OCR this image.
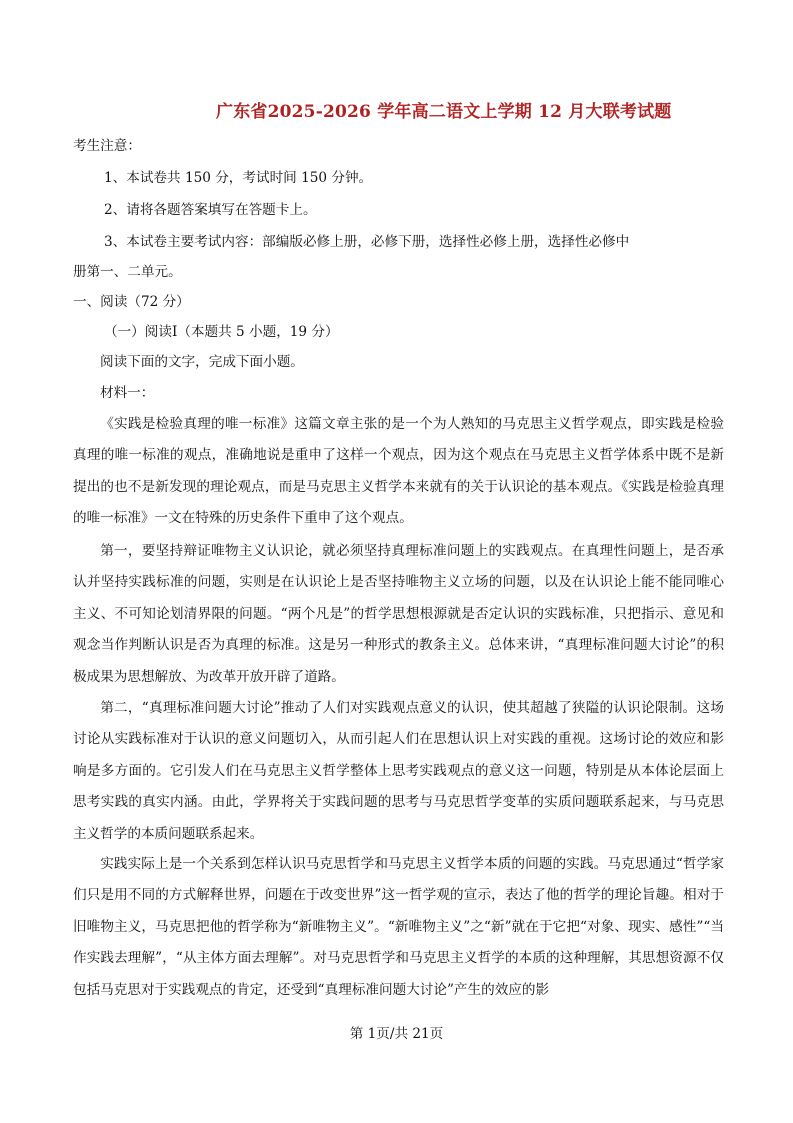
广东省2025-2026 学年高二语文上学期 12 月大联考试题
考生注意：
1、本试卷共 150 分，考试时间 150 分钟。
2、请将各题答案填写在答题卡上。
3、本试卷主要考试内容：部编版必修上册，必修下册，选择性必修上册，选择性必修中
册第一、二单元。
一、阅读（72 分）
（一）阅读Ⅰ（本题共 5 小题，19 分）
阅读下面的文字，完成下面小题。
材料一：
《实践是检验真理的唯一标准》这篇文章主张的是一个为人熟知的马克思主义哲学观点，即实践是检验真理的唯一标准的观点，准确地说是重申了这样一个观点，因为这个观点在马克思主义哲学体系中既不是新提出的也不是新发现的理论观点，而是马克思主义哲学本来就有的关于认识论的基本观点。《实践是检验真理的唯一标准》一文在特殊的历史条件下重申了这个观点。
第一，要坚持辩证唯物主义认识论，就必须坚持真理标准问题上的实践观点。在真理性问题上，是否承认并坚持实践标准的问题，实则是在认识论上是否坚持唯物主义立场的问题，以及在认识论上能不能同唯心主义、不可知论划清界限的问题。“两个凡是”的哲学思想根源就是否定认识的实践标准，只把指示、意见和观念当作判断认识是否为真理的标准。这是另一种形式的教条主义。总体来讲，“真理标准问题大讨论”的积极成果为思想解放、为改革开放开辟了道路。
第二，“真理标准问题大讨论”推动了人们对实践观点意义的认识，使其超越了狭隘的认识论限制。这场讨论从实践标准对于认识的意义问题切入，从而引起人们在思想认识上对实践的重视。这场讨论的效应和影响是多方面的。它引发人们在马克思主义哲学整体上思考实践观点的意义这一问题，特别是从本体论层面上思考实践的真实内涵。由此，学界将关于实践问题的思考与马克思哲学变革的实质问题联系起来，与马克思主义哲学的本质问题联系起来。
实践实际上是一个关系到怎样认识马克思哲学和马克思主义哲学本质的问题的实践。马克思通过“哲学家们只是用不同的方式解释世界，问题在于改变世界”这一哲学观的宣示，表达了他的哲学的理论旨趣。相对于旧唯物主义，马克思把他的哲学称为“新唯物主义”。“新唯物主义”之“新”就在于它把“对象、现实、感性”“当作实践去理解”，“从主体方面去理解”。对马克思哲学和马克思主义哲学的本质的这种理解，其思想资源不仅包括马克思对于实践观点的肯定，还受到“真理标准问题大讨论”产生的效应的影
第 1页/共 21页
